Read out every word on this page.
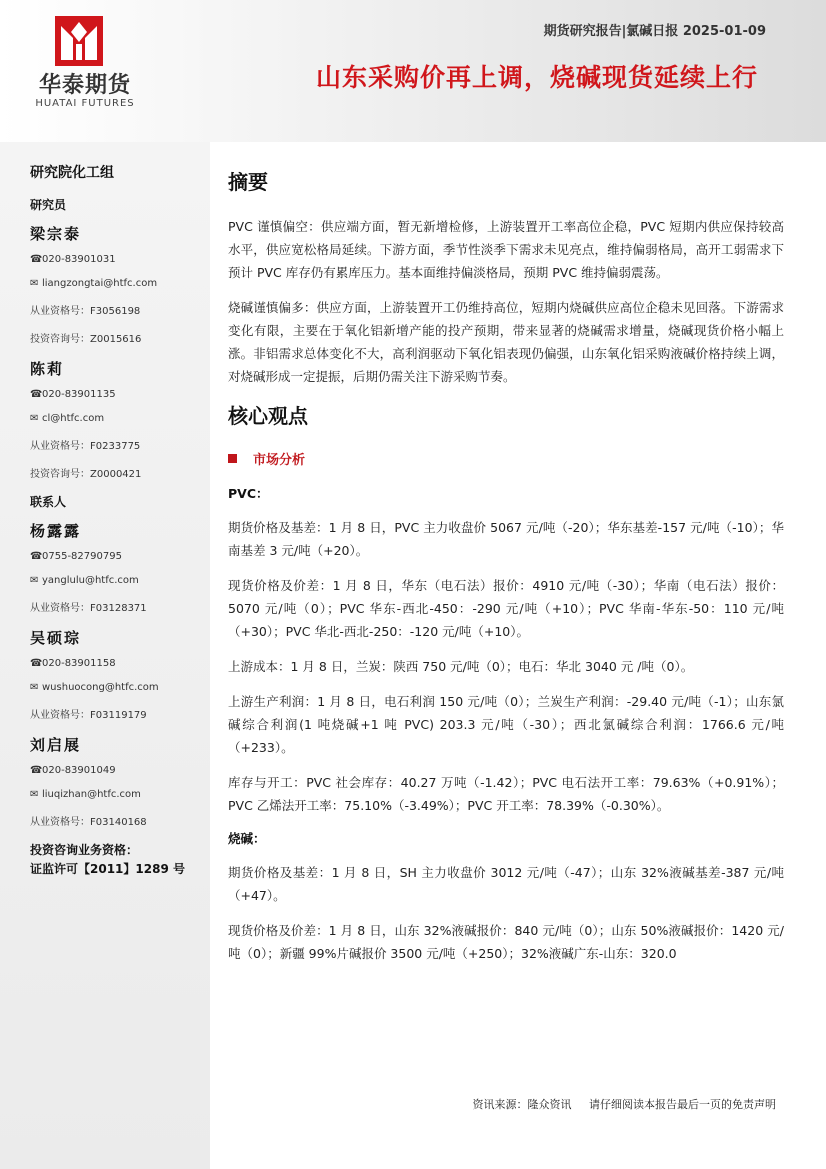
华泰期货
HUATAI FUTURES
期货研究报告|氯碱日报 2025-01-09
山东采购价再上调，烧碱现货延续上行
研究院化工组
研究员
梁宗泰
☎020-83901031
✉ liangzongtai@htfc.com
从业资格号：F3056198
投资咨询号：Z0015616
陈莉
☎020-83901135
✉ cl@htfc.com
从业资格号：F0233775
投资咨询号：Z0000421
联系人
杨露露
☎0755-82790795
✉ yanglulu@htfc.com
从业资格号：F03128371
吴硕琮
☎020-83901158
✉ wushuocong@htfc.com
从业资格号：F03119179
刘启展
☎020-83901049
✉ liuqizhan@htfc.com
从业资格号：F03140168
投资咨询业务资格：
证监许可【2011】1289 号
摘要

PVC 谨慎偏空：供应端方面，暂无新增检修，上游装置开工率高位企稳，PVC 短期内供应保持较高水平，供应宽松格局延续。下游方面，季节性淡季下需求未见亮点，维持偏弱格局，高开工弱需求下预计 PVC 库存仍有累库压力。基本面维持偏淡格局，预期 PVC 维持偏弱震荡。

烧碱谨慎偏多：供应方面，上游装置开工仍维持高位，短期内烧碱供应高位企稳未见回落。下游需求变化有限，主要在于氧化铝新增产能的投产预期，带来显著的烧碱需求增量，烧碱现货价格小幅上涨。非铝需求总体变化不大，高利润驱动下氧化铝表现仍偏强，山东氧化铝采购液碱价格持续上调，对烧碱形成一定提振，后期仍需关注下游采购节奏。

核心观点
市场分析
PVC：

期货价格及基差：1 月 8 日，PVC 主力收盘价 5067 元/吨（-20）；华东基差-157 元/吨（-10）；华南基差 3 元/吨（+20）。

现货价格及价差：1 月 8 日，华东（电石法）报价：4910 元/吨（-30）；华南（电石法）报价：5070 元/吨（0）；PVC 华东-西北-450：-290 元/吨（+10）；PVC 华南-华东-50：110 元/吨（+30）；PVC 华北-西北-250：-120 元/吨（+10）。

上游成本：1 月 8 日，兰炭：陕西 750 元/吨（0）；电石：华北 3040 元 /吨（0）。

上游生产利润：1 月 8 日，电石利润 150 元/吨（0）；兰炭生产利润：-29.40 元/吨（-1）；山东氯碱综合利润(1 吨烧碱+1 吨 PVC) 203.3 元/吨（-30）；西北氯碱综合利润：1766.6 元/吨（+233）。

库存与开工：PVC 社会库存：40.27 万吨（-1.42）；PVC 电石法开工率：79.63%（+0.91%）；PVC 乙烯法开工率：75.10%（-3.49%）；PVC 开工率：78.39%（-0.30%）。

烧碱：

期货价格及基差：1 月 8 日，SH 主力收盘价 3012 元/吨（-47）；山东 32%液碱基差-387 元/吨（+47）。

现货价格及价差：1 月 8 日，山东 32%液碱报价：840 元/吨（0）；山东 50%液碱报价：1420 元/吨（0）；新疆 99%片碱报价 3500 元/吨（+250）；32%液碱广东-山东：320.0

资讯来源：隆众资讯 请仔细阅读本报告最后一页的免责声明
